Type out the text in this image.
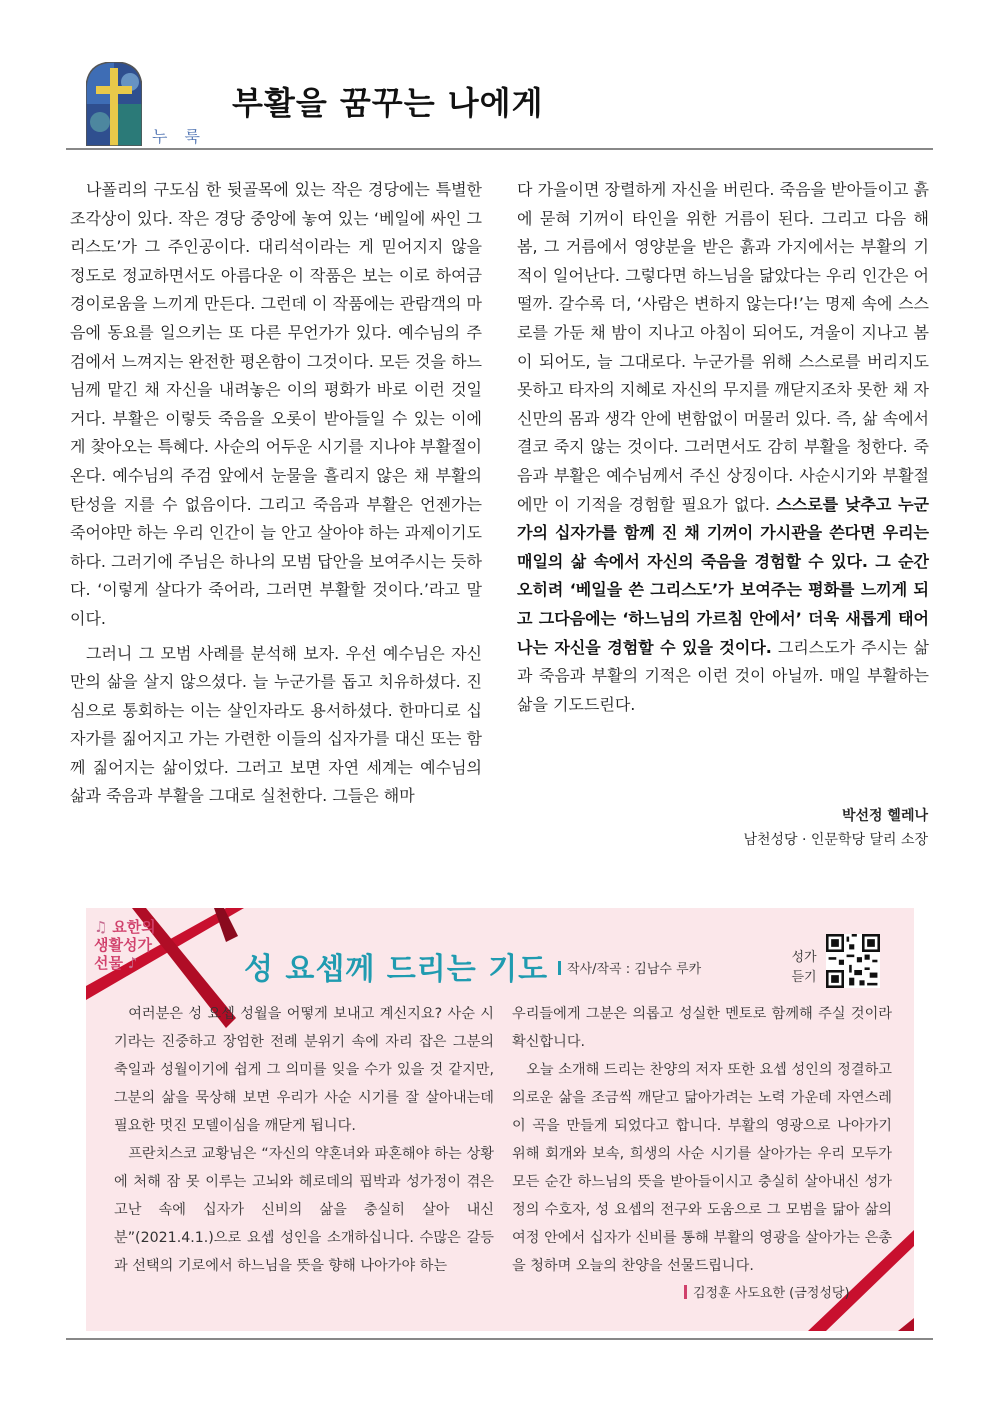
누 룩
부활을 꿈꾸는 나에게

나폴리의 구도심 한 뒷골목에 있는 작은 경당에는 특별한 조각상이 있다. 작은 경당 중앙에 놓여 있는 ‘베일에 싸인 그리스도’가 그 주인공이다. 대리석이라는 게 믿어지지 않을 정도로 정교하면서도 아름다운 이 작품은 보는 이로 하여금 경이로움을 느끼게 만든다. 그런데 이 작품에는 관람객의 마음에 동요를 일으키는 또 다른 무언가가 있다. 예수님의 주검에서 느껴지는 완전한 평온함이 그것이다. 모든 것을 하느님께 맡긴 채 자신을 내려놓은 이의 평화가 바로 이런 것일 거다. 부활은 이렇듯 죽음을 오롯이 받아들일 수 있는 이에게 찾아오는 특혜다. 사순의 어두운 시기를 지나야 부활절이 온다. 예수님의 주검 앞에서 눈물을 흘리지 않은 채 부활의 탄성을 지를 수 없음이다. 그리고 죽음과 부활은 언젠가는 죽어야만 하는 우리 인간이 늘 안고 살아야 하는 과제이기도 하다. 그러기에 주님은 하나의 모범 답안을 보여주시는 듯하다. ‘이렇게 살다가 죽어라, 그러면 부활할 것이다.’라고 말이다.

그러니 그 모범 사례를 분석해 보자. 우선 예수님은 자신만의 삶을 살지 않으셨다. 늘 누군가를 돕고 치유하셨다. 진심으로 통회하는 이는 살인자라도 용서하셨다. 한마디로 십자가를 짊어지고 가는 가련한 이들의 십자가를 대신 또는 함께 짊어지는 삶이었다. 그러고 보면 자연 세계는 예수님의 삶과 죽음과 부활을 그대로 실천한다. 그들은 해마

다 가을이면 장렬하게 자신을 버린다. 죽음을 받아들이고 흙에 묻혀 기꺼이 타인을 위한 거름이 된다. 그리고 다음 해 봄, 그 거름에서 영양분을 받은 흙과 가지에서는 부활의 기적이 일어난다. 그렇다면 하느님을 닮았다는 우리 인간은 어떨까. 갈수록 더, ‘사람은 변하지 않는다!’는 명제 속에 스스로를 가둔 채 밤이 지나고 아침이 되어도, 겨울이 지나고 봄이 되어도, 늘 그대로다. 누군가를 위해 스스로를 버리지도 못하고 타자의 지혜로 자신의 무지를 깨닫지조차 못한 채 자신만의 몸과 생각 안에 변함없이 머물러 있다. 즉, 삶 속에서 결코 죽지 않는 것이다. 그러면서도 감히 부활을 청한다. 죽음과 부활은 예수님께서 주신 상징이다. 사순시기와 부활절에만 이 기적을 경험할 필요가 없다. 스스로를 낮추고 누군가의 십자가를 함께 진 채 기꺼이 가시관을 쓴다면 우리는 매일의 삶 속에서 자신의 죽음을 경험할 수 있다. 그 순간 오히려 ‘베일을 쓴 그리스도’가 보여주는 평화를 느끼게 되고 그다음에는 ‘하느님의 가르침 안에서’ 더욱 새롭게 태어나는 자신을 경험할 수 있을 것이다. 그리스도가 주시는 삶과 죽음과 부활의 기적은 이런 것이 아닐까. 매일 부활하는 삶을 기도드린다.

박선정 헬레나
남천성당 · 인문학당 달리 소장
♫ 요한의
생활성가
선물 ♪	성 요셉께 드리는 기도	작사/작곡 : 김남수 루카
성가 듣기

여러분은 성 요셉 성월을 어떻게 보내고 계신지요? 사순 시기라는 진중하고 장엄한 전례 분위기 속에 자리 잡은 그분의 축일과 성월이기에 쉽게 그 의미를 잊을 수가 있을 것 같지만, 그분의 삶을 묵상해 보면 우리가 사순 시기를 잘 살아내는데 필요한 멋진 모델이심을 깨닫게 됩니다.

프란치스코 교황님은 “자신의 약혼녀와 파혼해야 하는 상황에 처해 잠 못 이루는 고뇌와 헤로데의 핍박과 성가정이 겪은 고난 속에 십자가 신비의 삶을 충실히 살아 내신 분”(2021.4.1.)으로 요셉 성인을 소개하십니다. 수많은 갈등과 선택의 기로에서 하느님을 뜻을 향해 나아가야 하는

우리들에게 그분은 의롭고 성실한 멘토로 함께해 주실 것이라 확신합니다.

오늘 소개해 드리는 찬양의 저자 또한 요셉 성인의 정결하고 의로운 삶을 조금씩 깨닫고 닮아가려는 노력 가운데 자연스레 이 곡을 만들게 되었다고 합니다. 부활의 영광으로 나아가기 위해 회개와 보속, 희생의 사순 시기를 살아가는 우리 모두가 모든 순간 하느님의 뜻을 받아들이시고 충실히 살아내신 성가정의 수호자, 성 요셉의 전구와 도움으로 그 모범을 닮아 삶의 여정 안에서 십자가 신비를 통해 부활의 영광을 살아가는 은총을 청하며 오늘의 찬양을 선물드립니다.

김정훈 사도요한 (금정성당)
